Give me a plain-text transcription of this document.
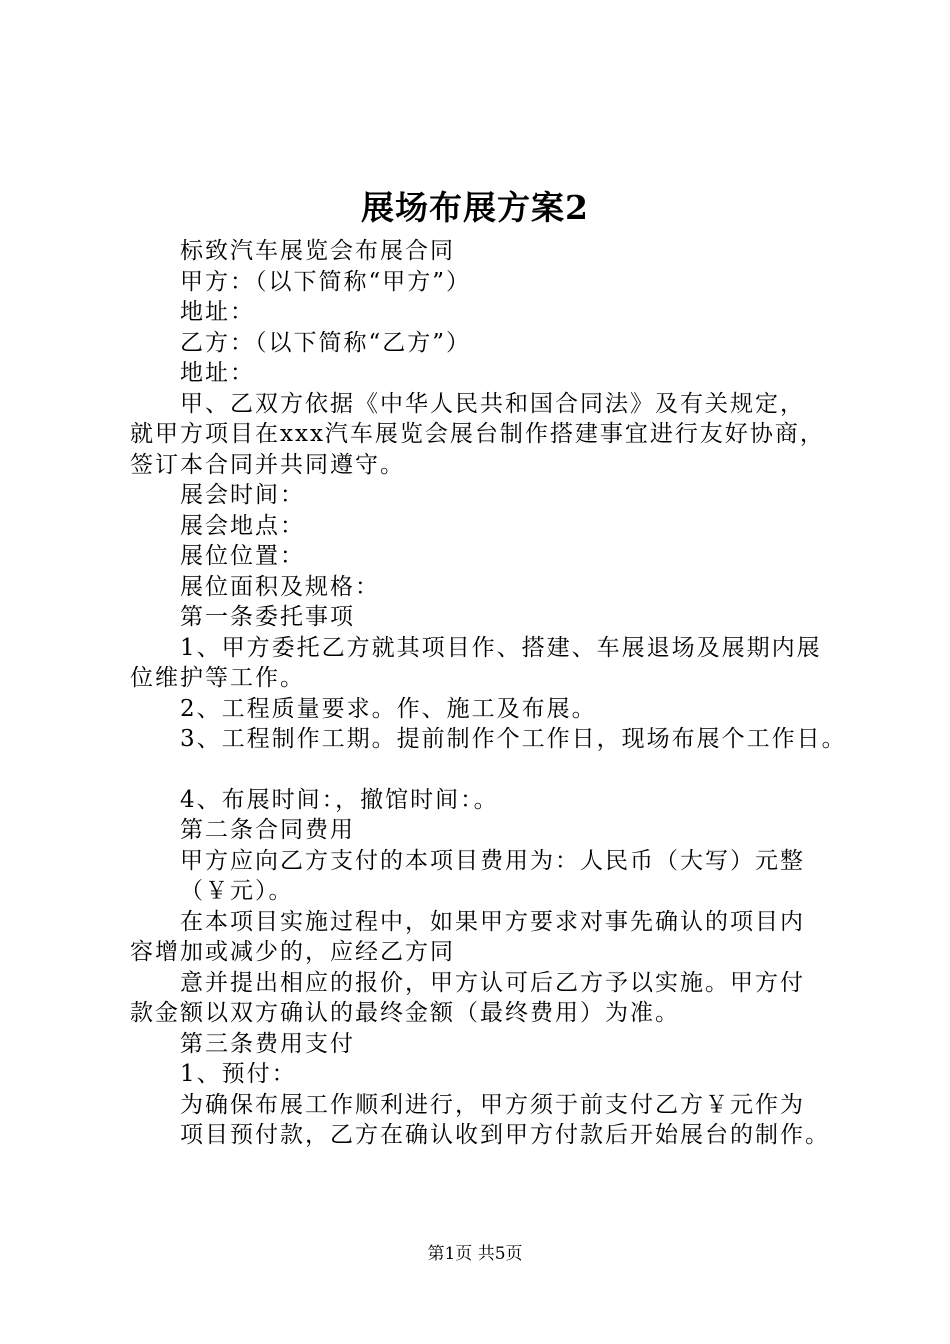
展场布展方案2

标致汽车展览会布展合同

甲方：（以下简称“甲方”）

地址：

乙方：（以下简称“乙方”）

地址：

甲、乙双方依据《中华人民共和国合同法》及有关规定，

就甲方项目在xxx汽车展览会展台制作搭建事宜进行友好协商，

签订本合同并共同遵守。

展会时间：

展会地点：

展位位置：

展位面积及规格：

第一条委托事项

1、甲方委托乙方就其项目作、搭建、车展退场及展期内展

位维护等工作。

2、工程质量要求。作、施工及布展。

3、工程制作工期。提前制作个工作日，现场布展个工作日。

4、布展时间：，撤馆时间：。

第二条合同费用

甲方应向乙方支付的本项目费用为：人民币（大写）元整

（￥元）。

在本项目实施过程中，如果甲方要求对事先确认的项目内

容增加或减少的，应经乙方同

意并提出相应的报价，甲方认可后乙方予以实施。甲方付

款金额以双方确认的最终金额（最终费用）为准。

第三条费用支付

1、预付：

为确保布展工作顺利进行，甲方须于前支付乙方￥元作为

项目预付款，乙方在确认收到甲方付款后开始展台的制作。

第1页 共5页
